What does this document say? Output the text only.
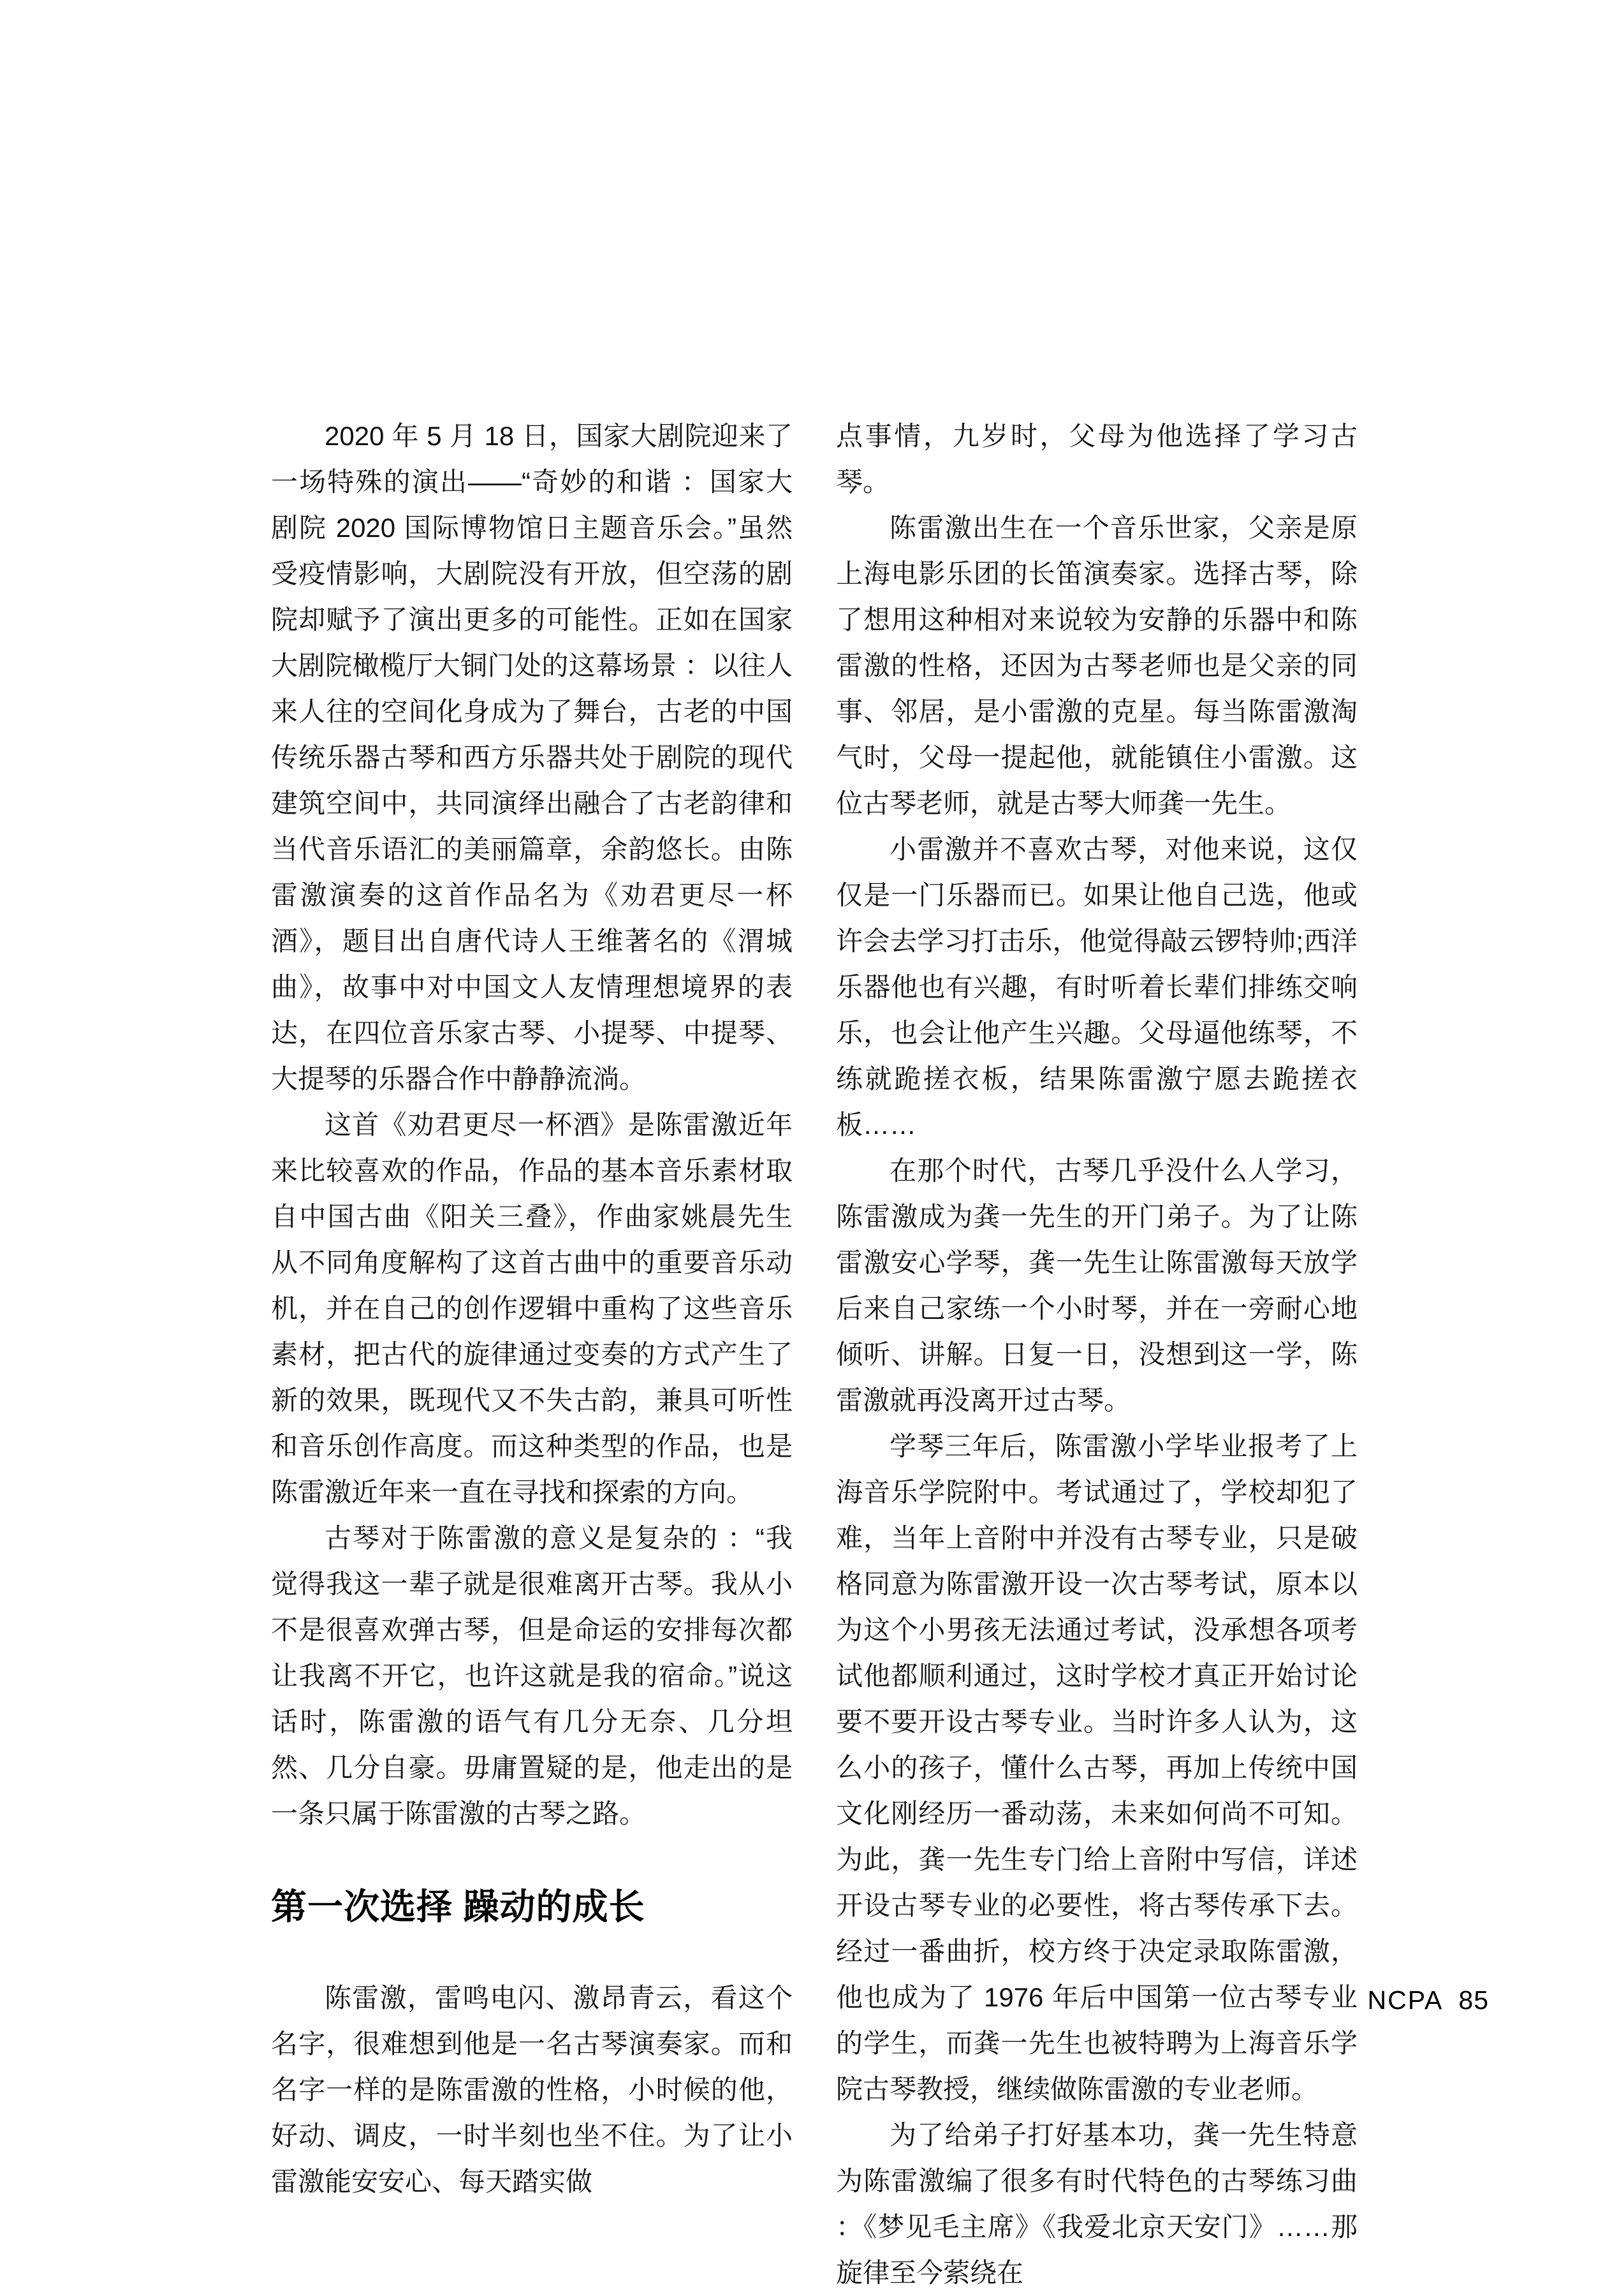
2020 年 5 月 18 日，国家大剧院迎来了一场特殊的演出——“奇妙的和谐 ：国家大剧院 2020 国际博物馆日主题音乐会。”虽然受疫情影响，大剧院没有开放，但空荡的剧院却赋予了演出更多的可能性。正如在国家大剧院橄榄厅大铜门处的这幕场景 ：以往人来人往的空间化身成为了舞台，古老的中国传统乐器古琴和西方乐器共处于剧院的现代建筑空间中，共同演绎出融合了古老韵律和当代音乐语汇的美丽篇章，余韵悠长。由陈雷激演奏的这首作品名为《劝君更尽一杯酒》，题目出自唐代诗人王维著名的《渭城曲》，故事中对中国文人友情理想境界的表达，在四位音乐家古琴、小提琴、中提琴、大提琴的乐器合作中静静流淌。

这首《劝君更尽一杯酒》是陈雷激近年来比较喜欢的作品，作品的基本音乐素材取自中国古曲《阳关三叠》，作曲家姚晨先生从不同角度解构了这首古曲中的重要音乐动机，并在自己的创作逻辑中重构了这些音乐素材，把古代的旋律通过变奏的方式产生了新的效果，既现代又不失古韵，兼具可听性和音乐创作高度。而这种类型的作品，也是陈雷激近年来一直在寻找和探索的方向。

古琴对于陈雷激的意义是复杂的 ：“我觉得我这一辈子就是很难离开古琴。我从小不是很喜欢弹古琴，但是命运的安排每次都让我离不开它，也许这就是我的宿命。”说这话时，陈雷激的语气有几分无奈、几分坦然、几分自豪。毋庸置疑的是，他走出的是一条只属于陈雷激的古琴之路。

第一次选择 躁动的成长

陈雷激，雷鸣电闪、激昂青云，看这个名字，很难想到他是一名古琴演奏家。而和名字一样的是陈雷激的性格，小时候的他，好动、调皮，一时半刻也坐不住。为了让小雷激能安安心、每天踏实做

点事情，九岁时，父母为他选择了学习古琴。

陈雷激出生在一个音乐世家，父亲是原上海电影乐团的长笛演奏家。选择古琴，除了想用这种相对来说较为安静的乐器中和陈雷激的性格，还因为古琴老师也是父亲的同事、邻居，是小雷激的克星。每当陈雷激淘气时，父母一提起他，就能镇住小雷激。这位古琴老师，就是古琴大师龚一先生。

小雷激并不喜欢古琴，对他来说，这仅仅是一门乐器而已。如果让他自己选，他或许会去学习打击乐，他觉得敲云锣特帅;西洋乐器他也有兴趣，有时听着长辈们排练交响乐，也会让他产生兴趣。父母逼他练琴，不练就跪搓衣板，结果陈雷激宁愿去跪搓衣板……

在那个时代，古琴几乎没什么人学习，陈雷激成为龚一先生的开门弟子。为了让陈雷激安心学琴，龚一先生让陈雷激每天放学后来自己家练一个小时琴，并在一旁耐心地倾听、讲解。日复一日，没想到这一学，陈雷激就再没离开过古琴。

学琴三年后，陈雷激小学毕业报考了上海音乐学院附中。考试通过了，学校却犯了难，当年上音附中并没有古琴专业，只是破格同意为陈雷激开设一次古琴考试，原本以为这个小男孩无法通过考试，没承想各项考试他都顺利通过，这时学校才真正开始讨论要不要开设古琴专业。当时许多人认为，这么小的孩子，懂什么古琴，再加上传统中国文化刚经历一番动荡，未来如何尚不可知。为此，龚一先生专门给上音附中写信，详述开设古琴专业的必要性，将古琴传承下去。经过一番曲折，校方终于决定录取陈雷激，他也成为了 1976 年后中国第一位古琴专业的学生，而龚一先生也被特聘为上海音乐学院古琴教授，继续做陈雷激的专业老师。

为了给弟子打好基本功，龚一先生特意为陈雷激编了很多有时代特色的古琴练习曲 ：《梦见毛主席》《我爱北京天安门》……那旋律至今萦绕在

NCPA 85
